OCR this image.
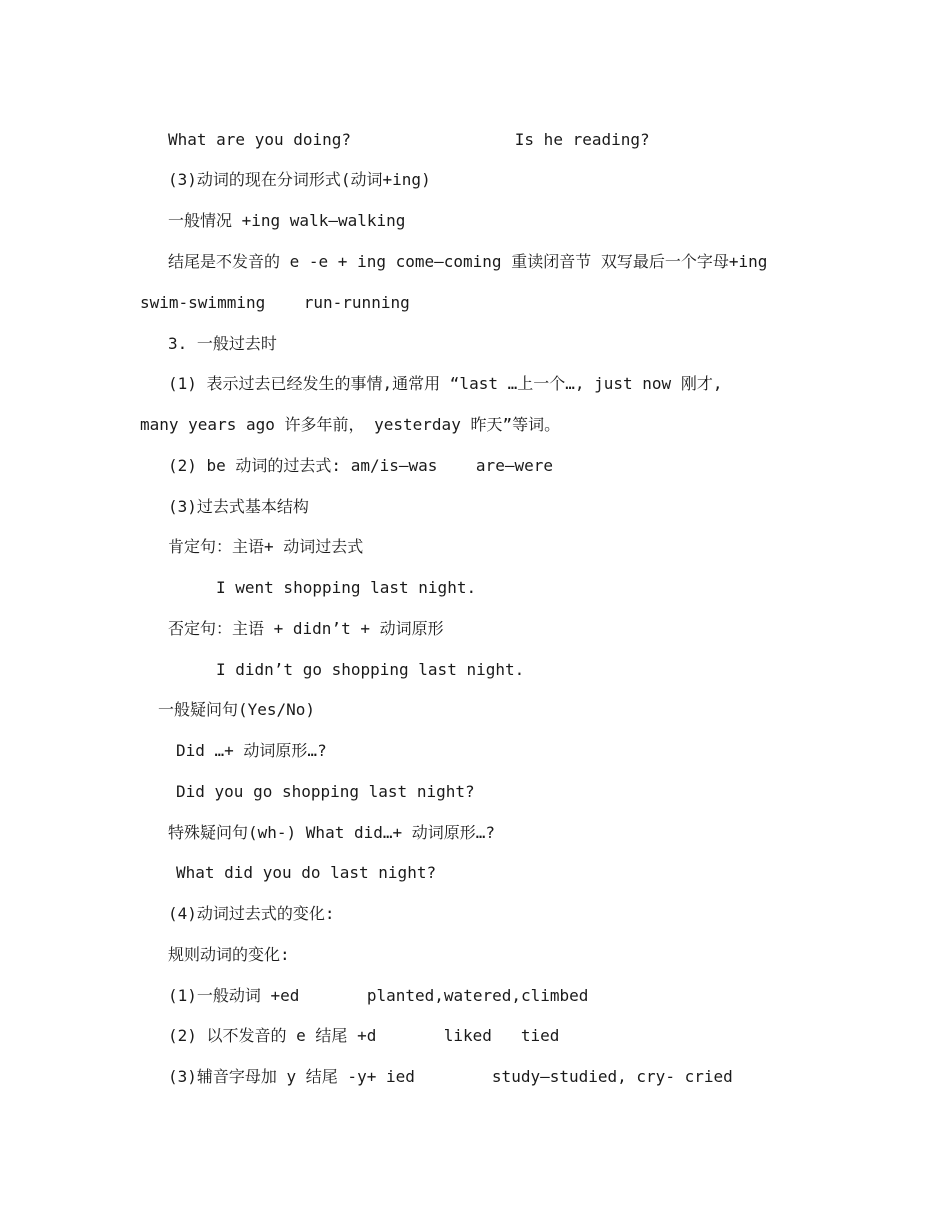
What are you doing?                 Is he reading?
(3)动词的现在分词形式(动词+ing)
一般情况 +ing walk—walking
结尾是不发音的 e -e + ing come—coming 重读闭音节 双写最后一个字母+ing
swim-swimming    run-running
3. 一般过去时
(1) 表示过去已经发生的事情,通常用 “last …上一个…, just now 刚才,
many years ago 许多年前， yesterday 昨天”等词。
(2) be 动词的过去式: am/is—was    are—were
(3)过去式基本结构
肯定句：主语+ 动词过去式
I went shopping last night.
否定句：主语 + didn’t + 动词原形
I didn’t go shopping last night.
一般疑问句(Yes/No)
Did …+ 动词原形…?
Did you go shopping last night?
特殊疑问句(wh-) What did…+ 动词原形…?
What did you do last night?
(4)动词过去式的变化:
规则动词的变化:
(1)一般动词 +ed       planted,watered,climbed
(2) 以不发音的 e 结尾 +d       liked   tied
(3)辅音字母加 y 结尾 -y+ ied        study—studied, cry- cried
